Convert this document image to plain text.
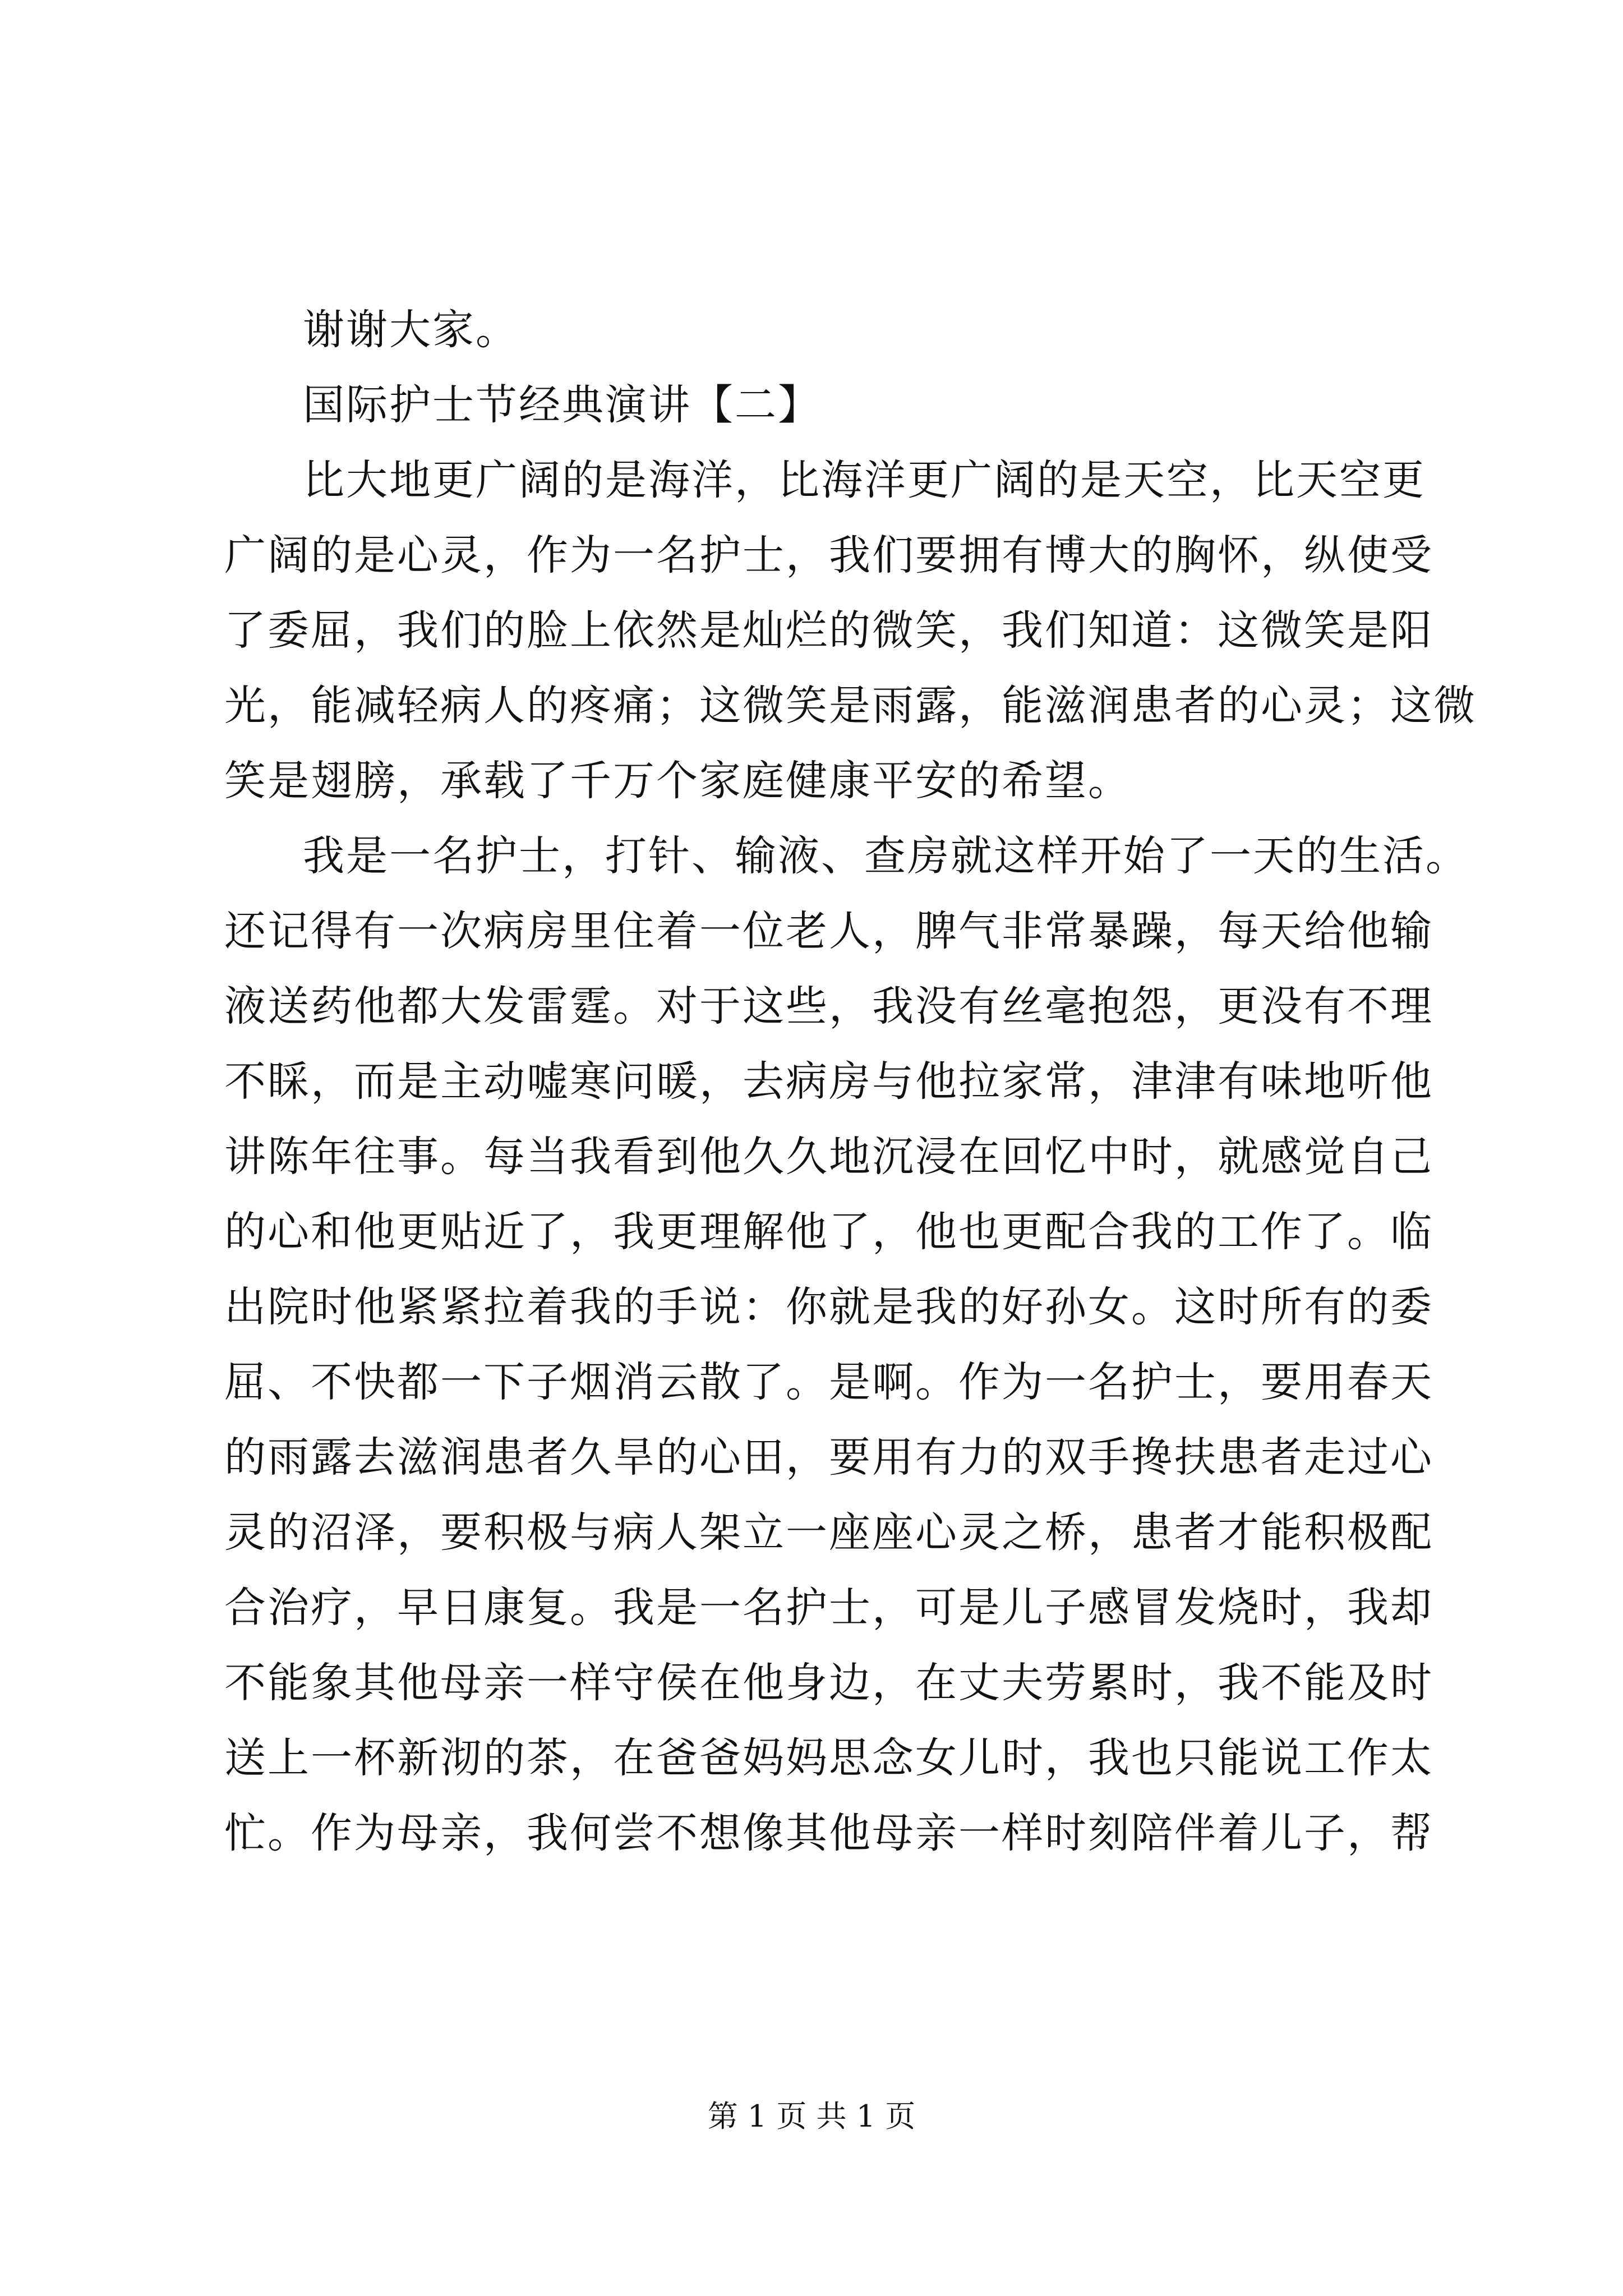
谢谢大家。
国际护士节经典演讲【二】
比大地更广阔的是海洋，比海洋更广阔的是天空，比天空更
广阔的是心灵，作为一名护士，我们要拥有博大的胸怀，纵使受
了委屈，我们的脸上依然是灿烂的微笑，我们知道：这微笑是阳
光，能减轻病人的疼痛；这微笑是雨露，能滋润患者的心灵；这微
笑是翅膀，承载了千万个家庭健康平安的希望。
我是一名护士，打针、输液、查房就这样开始了一天的生活。
还记得有一次病房里住着一位老人，脾气非常暴躁，每天给他输
液送药他都大发雷霆。对于这些，我没有丝毫抱怨，更没有不理
不睬，而是主动嘘寒问暖，去病房与他拉家常，津津有味地听他
讲陈年往事。每当我看到他久久地沉浸在回忆中时，就感觉自己
的心和他更贴近了，我更理解他了，他也更配合我的工作了。临
出院时他紧紧拉着我的手说：你就是我的好孙女。这时所有的委
屈、不快都一下子烟消云散了。是啊。作为一名护士，要用春天
的雨露去滋润患者久旱的心田，要用有力的双手搀扶患者走过心
灵的沼泽，要积极与病人架立一座座心灵之桥，患者才能积极配
合治疗，早日康复。我是一名护士，可是儿子感冒发烧时，我却
不能象其他母亲一样守侯在他身边，在丈夫劳累时，我不能及时
送上一杯新沏的茶，在爸爸妈妈思念女儿时，我也只能说工作太
忙。作为母亲，我何尝不想像其他母亲一样时刻陪伴着儿子，帮
第 1 页 共 1 页
